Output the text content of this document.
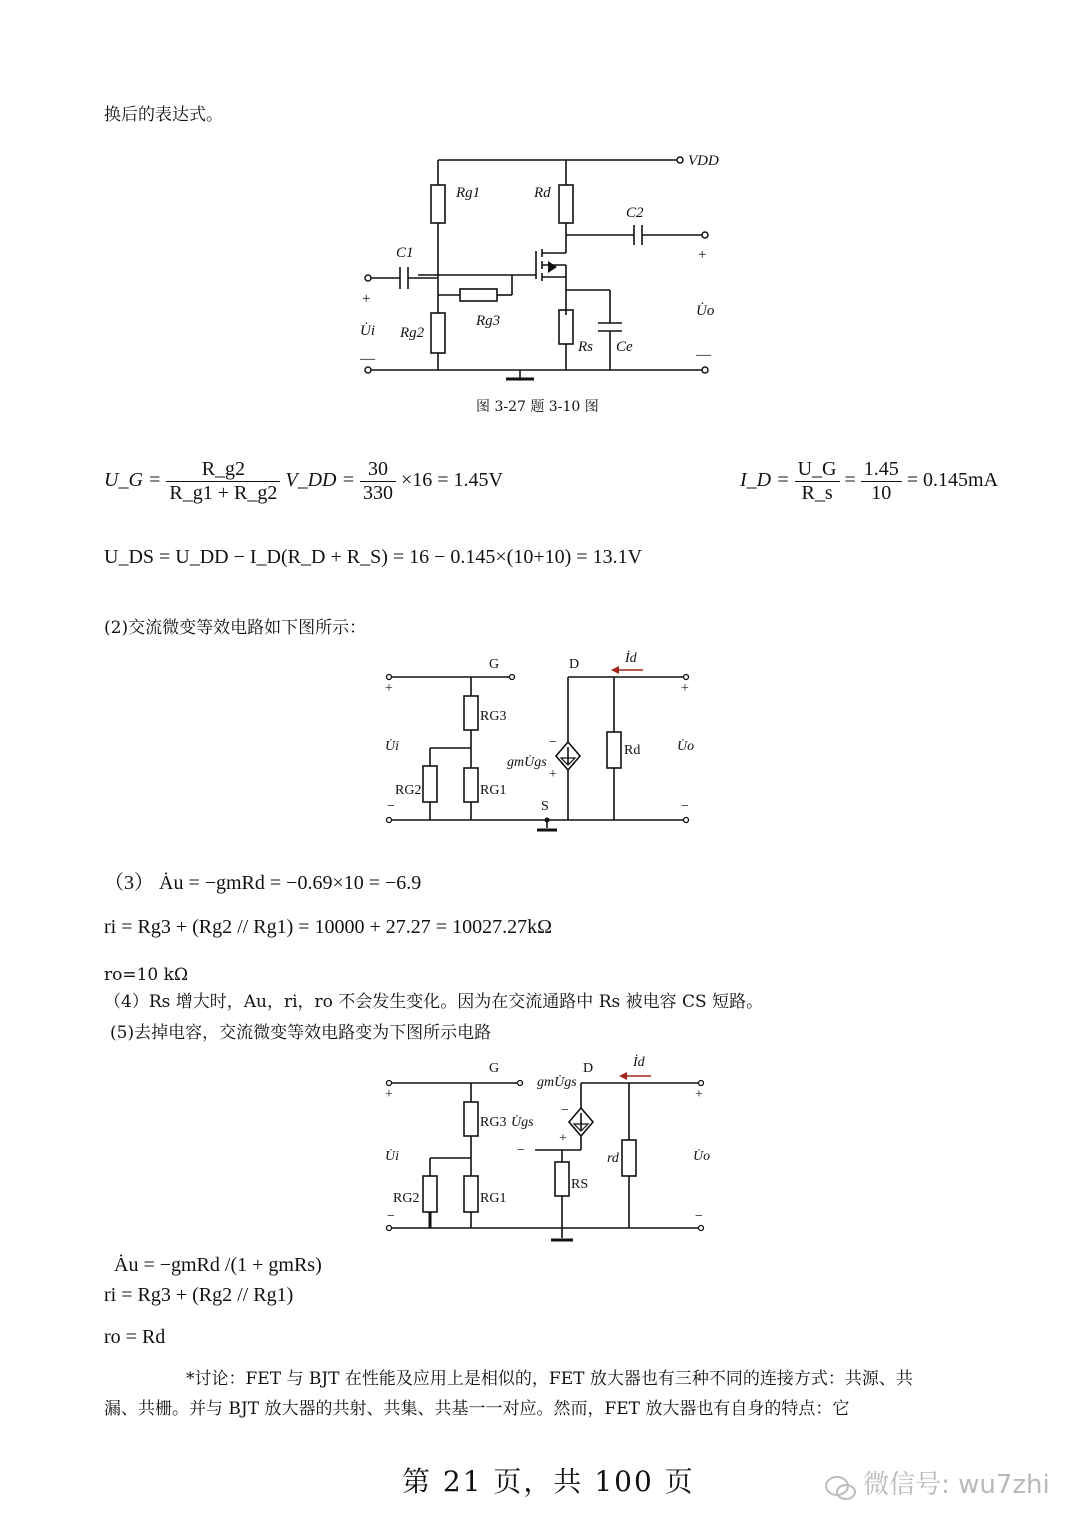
换后的表达式。
VDD
Rg1	Rd
C2
C1
Rg3
Rg2
Rs Ce
U̇i
U̇o
+
—
+
—
图 3-27 题 3-10 图
U_G = $\frac{R\_g2}{R\_g1 + R\_g2}$ V_DD = $\frac{30}{330} \times 16 = 1.45V$	I_D = $\frac{U\_G}{R\_s} = \frac{1.45}{10} = 0.145mA$
U_DS = U_DD − I_D(R_D + R_S) = 16 − 0.145×(10+10) = 13.1V
(2)交流微变等效电路如下图所示：
G	D
S
İd
RG3
RG2	RG1
Rd
gmU̇gs
U̇i	U̇o
+
−
+
−
−
+
（3） Ȧu = −gmRd = −0.69×10 = −6.9
ri = Rg3 + (Rg2 // Rg1) = 10000 + 27.27 = 10027.27kΩ
ro=10 kΩ
（4）Rs 增大时，Au，ri，ro 不会发生变化。因为在交流通路中 Rs 被电容 CS 短路。
(5)去掉电容，交流微变等效电路变为下图所示电路
G	D	İd
RG3
RG2	RG1
RS
rd
gmU̇gs
U̇gs
U̇i	U̇o
+
−
+
−
−
+
−
Ȧu = −gmRd /(1 + gmRs)
ri = Rg3 + (Rg2 // Rg1)
ro = Rd
*讨论：FET 与 BJT 在性能及应用上是相似的，FET 放大器也有三种不同的连接方式：共源、共
漏、共栅。并与 BJT 放大器的共射、共集、共基一一对应。然而，FET 放大器也有自身的特点：它
第 21 页，共 100 页	微信号: wu7zhi
